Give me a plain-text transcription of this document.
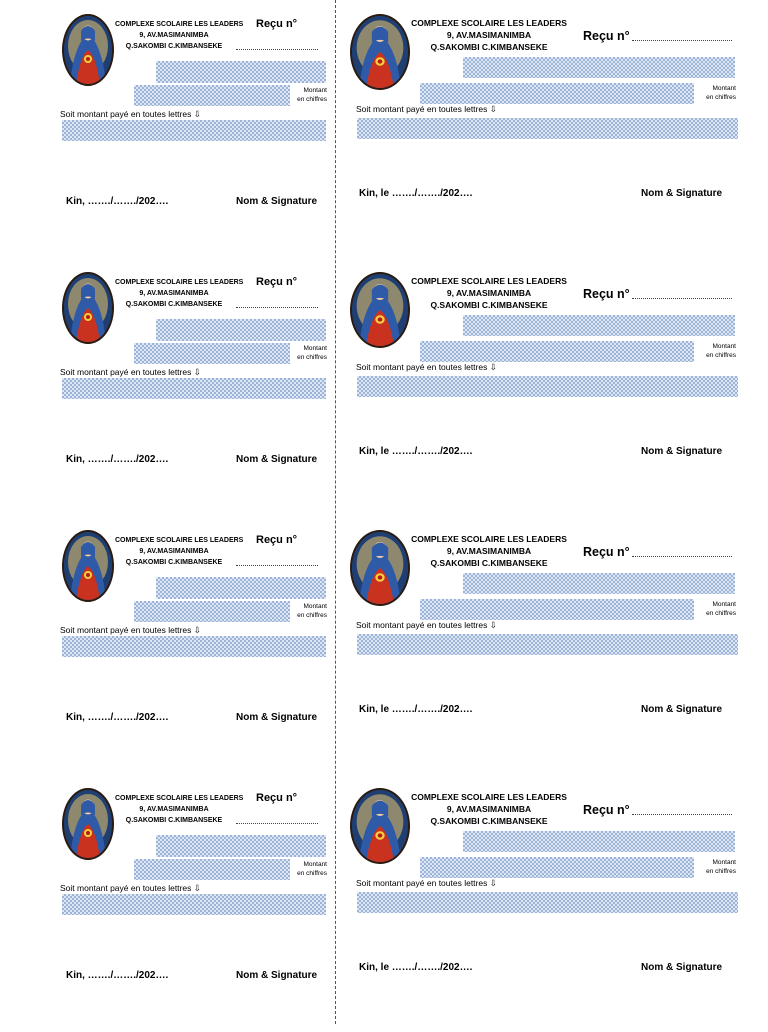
COMPLEXE SCOLAIRE LES LEADERS
9, AV.MASIMANIMBA
Q.SAKOMBI C.KIMBANSEKE
Reçu n°
Montant
en chiffres
Soit montant payé en toutes lettres ⇩
Kin, ……./……./202….	Nom & Signature
COMPLEXE SCOLAIRE LES LEADERS
9, AV.MASIMANIMBA
Q.SAKOMBI C.KIMBANSEKE
Reçu n°
Montant
en chiffres
Soit montant payé en toutes lettres ⇩
Kin, le ……./……./202….	Nom & Signature
COMPLEXE SCOLAIRE LES LEADERS
9, AV.MASIMANIMBA
Q.SAKOMBI C.KIMBANSEKE
Reçu n°
Montant
en chiffres
Soit montant payé en toutes lettres ⇩
Kin, ……./……./202….	Nom & Signature
COMPLEXE SCOLAIRE LES LEADERS
9, AV.MASIMANIMBA
Q.SAKOMBI C.KIMBANSEKE
Reçu n°
Montant
en chiffres
Soit montant payé en toutes lettres ⇩
Kin, le ……./……./202….	Nom & Signature
COMPLEXE SCOLAIRE LES LEADERS
9, AV.MASIMANIMBA
Q.SAKOMBI C.KIMBANSEKE
Reçu n°
Montant
en chiffres
Soit montant payé en toutes lettres ⇩
Kin, ……./……./202….	Nom & Signature
COMPLEXE SCOLAIRE LES LEADERS
9, AV.MASIMANIMBA
Q.SAKOMBI C.KIMBANSEKE
Reçu n°
Montant
en chiffres
Soit montant payé en toutes lettres ⇩
Kin, le ……./……./202….	Nom & Signature
COMPLEXE SCOLAIRE LES LEADERS
9, AV.MASIMANIMBA
Q.SAKOMBI C.KIMBANSEKE
Reçu n°
Montant
en chiffres
Soit montant payé en toutes lettres ⇩
Kin, ……./……./202….	Nom & Signature
COMPLEXE SCOLAIRE LES LEADERS
9, AV.MASIMANIMBA
Q.SAKOMBI C.KIMBANSEKE
Reçu n°
Montant
en chiffres
Soit montant payé en toutes lettres ⇩
Kin, le ……./……./202….	Nom & Signature
